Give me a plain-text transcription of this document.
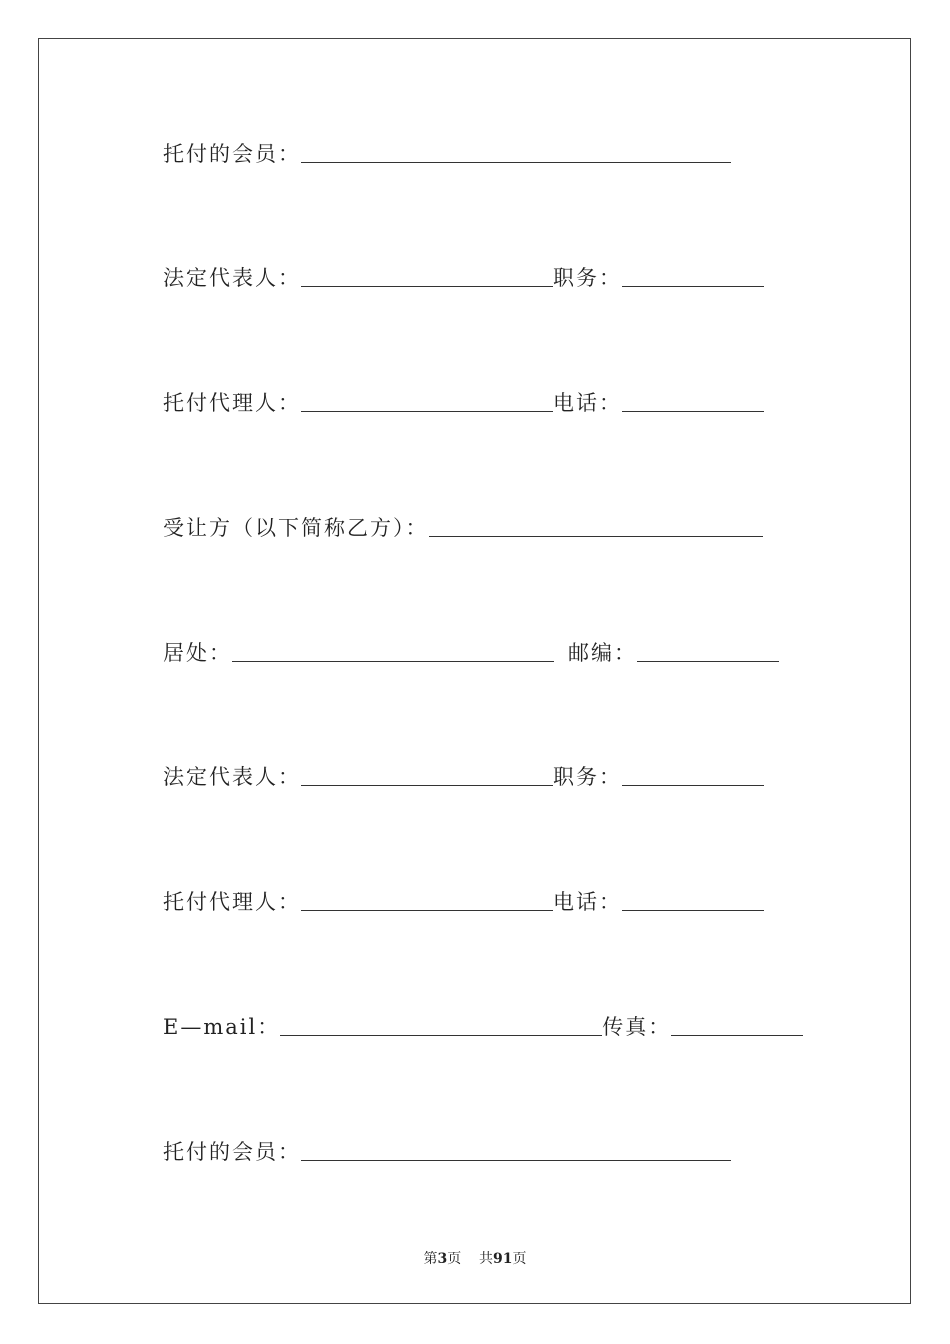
托付的会员：
法定代表人：	职务：
托付代理人：	电话：
受让方（以下简称乙方）：
居处：	邮编：
法定代表人：	职务：
托付代理人：	电话：
E—mail：	传真：
托付的会员：
第3页 共91页
